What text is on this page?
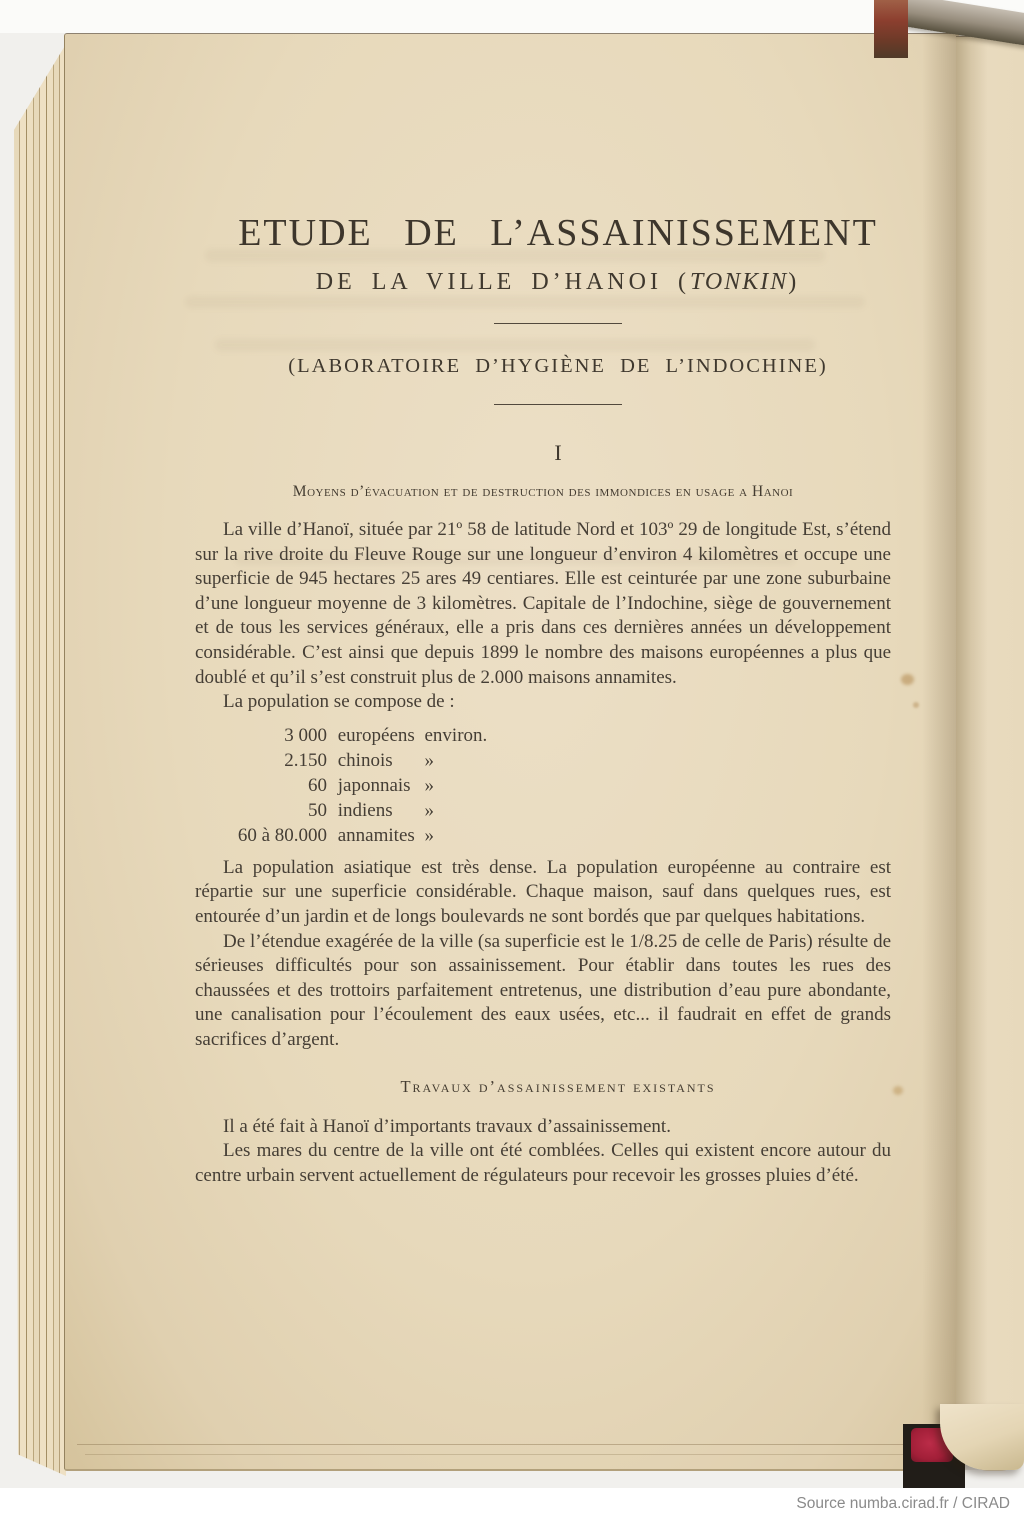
ETUDE DE L’ASSAINISSEMENT
DE LA VILLE D’HANOI (TONKIN)
(LABORATOIRE D’HYGIÈNE DE L’INDOCHINE)
I
Moyens d’évacuation et de destruction des immondices en usage a Hanoi

La ville d’Hanoï, située par 21º 58 de latitude Nord et 103º 29 de longitude Est, s’étend sur la rive droite du Fleuve Rouge sur une longueur d’environ 4 kilomètres et occupe une superficie de 945 hectares 25 ares 49 centiares. Elle est ceinturée par une zone suburbaine d’une longueur moyenne de 3 kilomètres. Capitale de l’Indochine, siège de gouvernement et de tous les services généraux, elle a pris dans ces dernières années un développement considérable. C’est ainsi que depuis 1899 le nombre des maisons européennes a plus que doublé et qu’il s’est construit plus de 2.000 maisons annamites.

La population se compose de :

3 000 européens environ.
2.150 chinois »
60 japonnais »
50 indiens »
60 à 80.000 annamites »

La population asiatique est très dense. La population européenne au contraire est répartie sur une superficie considérable. Chaque maison, sauf dans quelques rues, est entourée d’un jardin et de longs boulevards ne sont bordés que par quelques habitations.

De l’étendue exagérée de la ville (sa superficie est le 1/8.25 de celle de Paris) résulte de sérieuses difficultés pour son assainissement. Pour établir dans toutes les rues des chaussées et des trottoirs parfaitement entretenus, une distribution d’eau pure abondante, une canalisation pour l’écoulement des eaux usées, etc... il faudrait en effet de grands sacrifices d’argent.

Travaux d’assainissement existants

Il a été fait à Hanoï d’importants travaux d’assainissement.

Les mares du centre de la ville ont été comblées. Celles qui existent encore autour du centre urbain servent actuellement de régulateurs pour recevoir les grosses pluies d’été.

Source numba.cirad.fr / CIRAD
